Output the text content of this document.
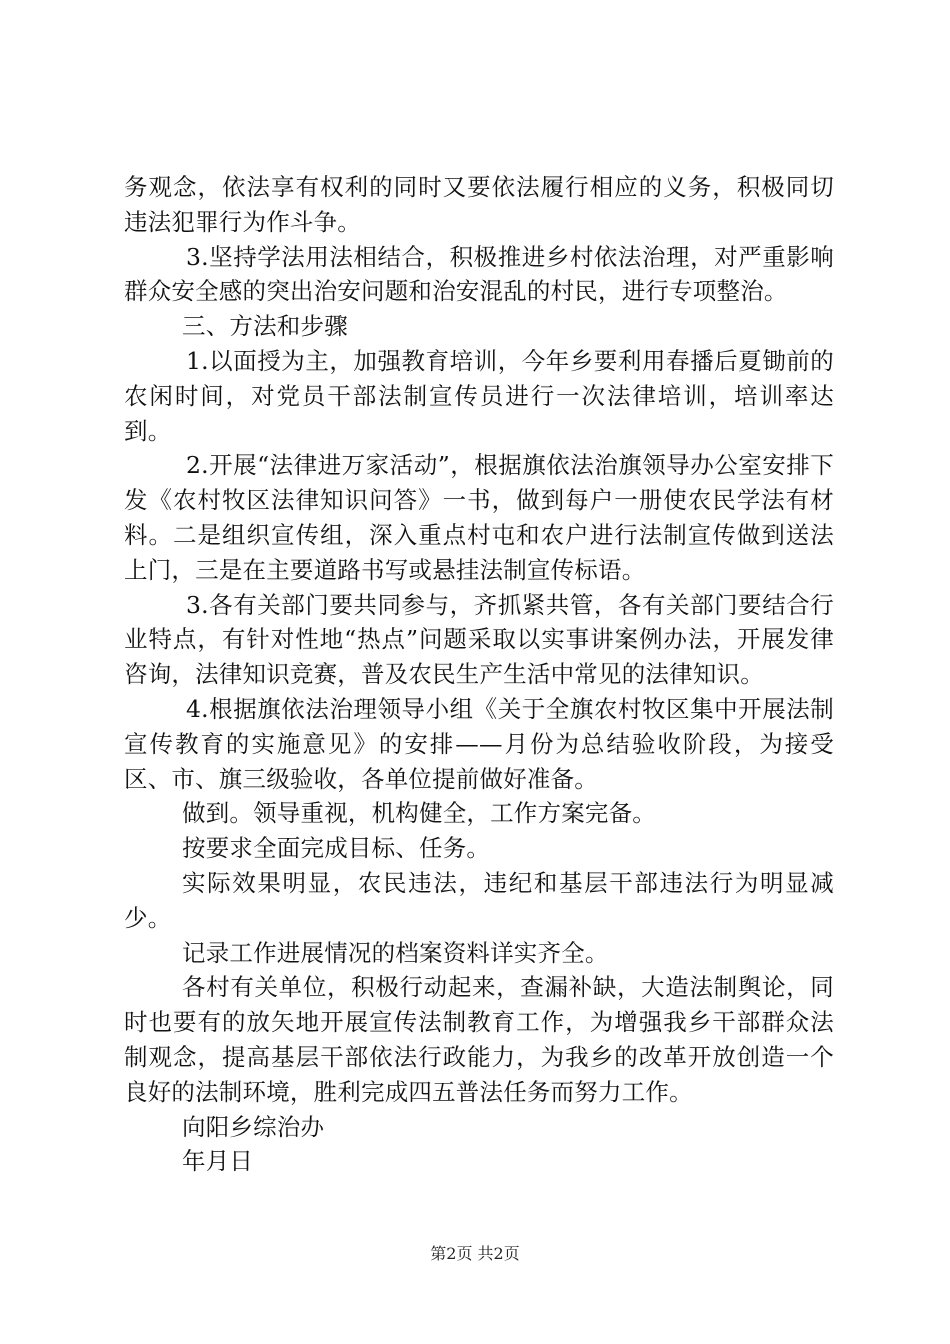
务观念，依法享有权利的同时又要依法履行相应的义务，积极同切违法犯罪行为作斗争。

3.坚持学法用法相结合，积极推进乡村依法治理，对严重影响群众安全感的突出治安问题和治安混乱的村民，进行专项整治。

三、方法和步骤

1.以面授为主，加强教育培训，今年乡要利用春播后夏锄前的农闲时间，对党员干部法制宣传员进行一次法律培训，培训率达到。

2.开展“法律进万家活动”，根据旗依法治旗领导办公室安排下发《农村牧区法律知识问答》一书，做到每户一册使农民学法有材料。二是组织宣传组，深入重点村屯和农户进行法制宣传做到送法上门，三是在主要道路书写或悬挂法制宣传标语。

3.各有关部门要共同参与，齐抓紧共管，各有关部门要结合行业特点，有针对性地“热点”问题采取以实事讲案例办法，开展发律咨询，法律知识竞赛，普及农民生产生活中常见的法律知识。

4.根据旗依法治理领导小组《关于全旗农村牧区集中开展法制宣传教育的实施意见》的安排——月份为总结验收阶段，为接受区、市、旗三级验收，各单位提前做好准备。

做到。领导重视，机构健全，工作方案完备。

按要求全面完成目标、任务。

实际效果明显，农民违法，违纪和基层干部违法行为明显减少。

记录工作进展情况的档案资料详实齐全。

各村有关单位，积极行动起来，查漏补缺，大造法制舆论，同时也要有的放矢地开展宣传法制教育工作，为增强我乡干部群众法制观念，提高基层干部依法行政能力，为我乡的改革开放创造一个良好的法制环境，胜利完成四五普法任务而努力工作。

向阳乡综治办

年月日

第2页 共2页
